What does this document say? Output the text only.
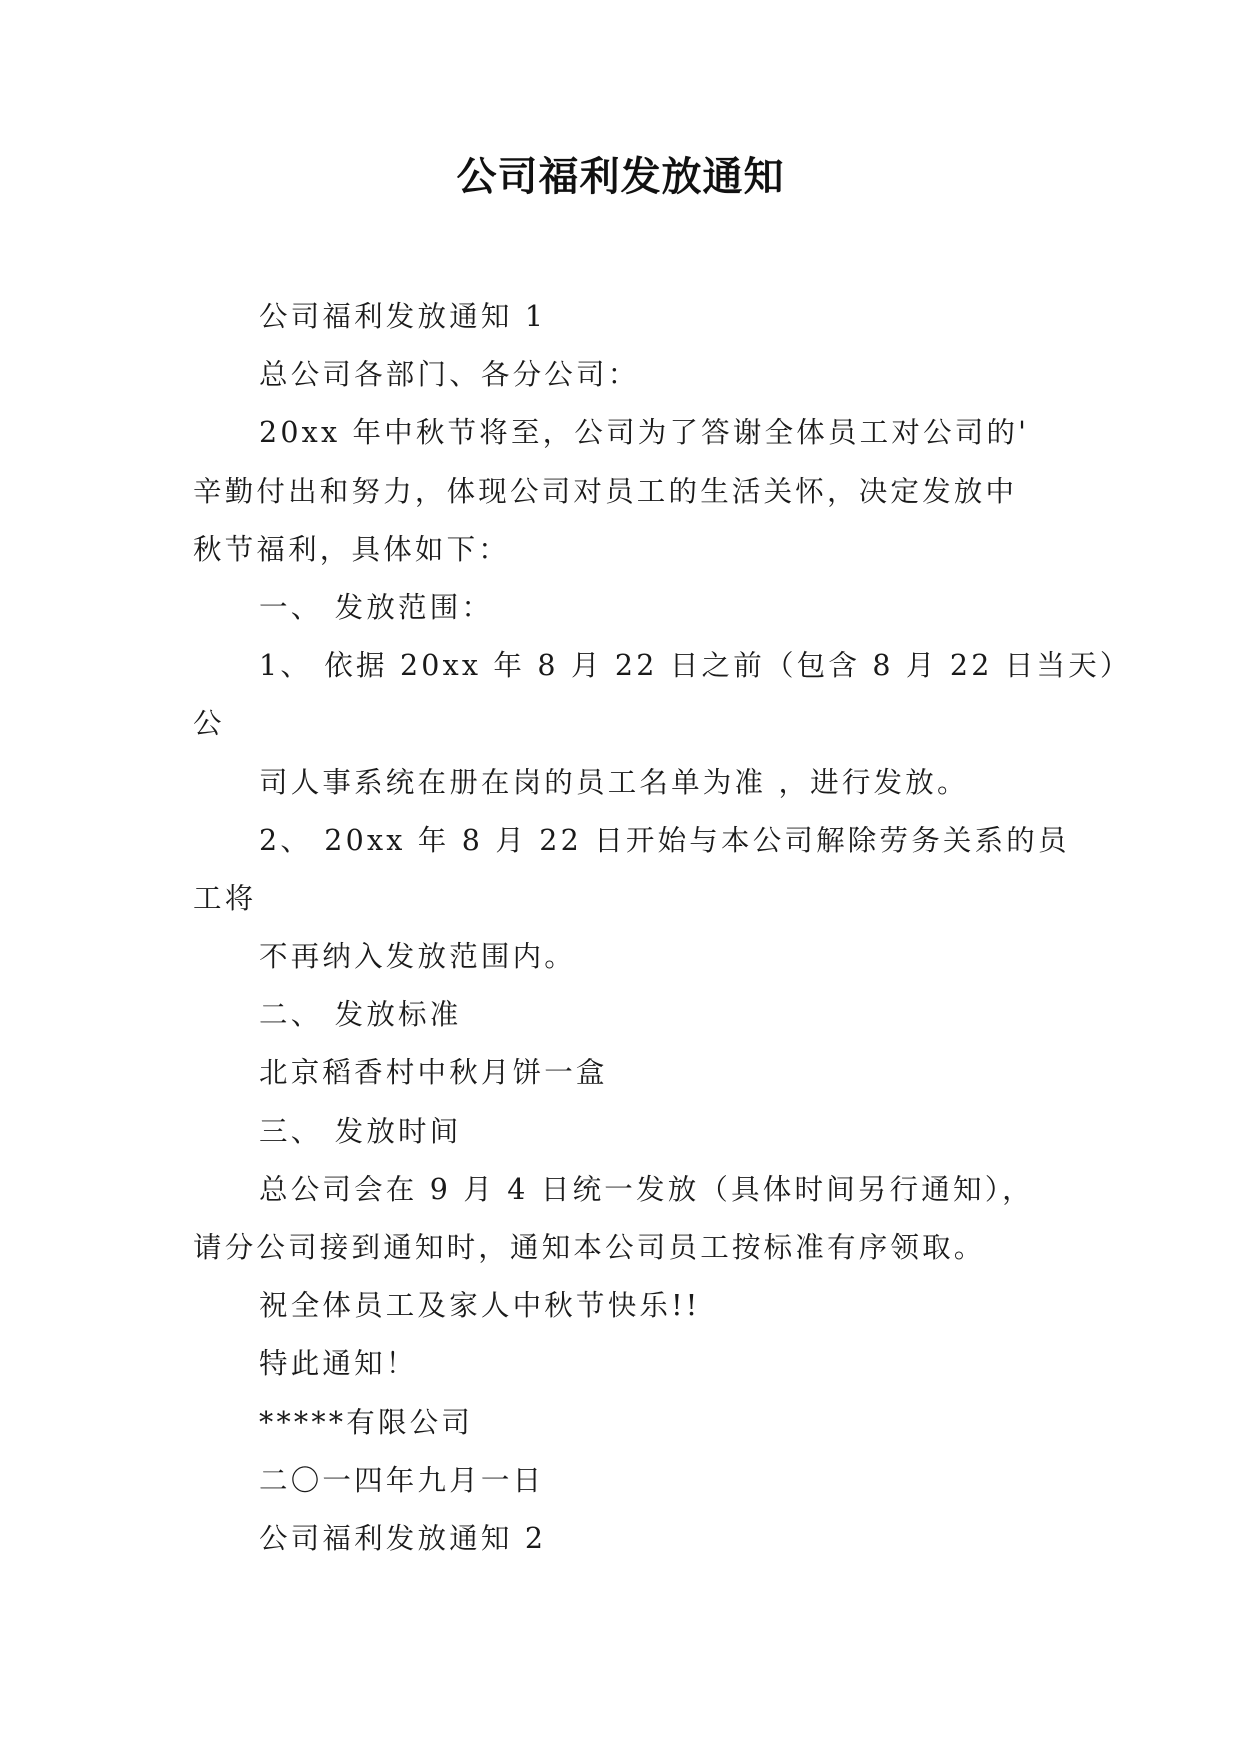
公司福利发放通知
公司福利发放通知 1
总公司各部门、各分公司：
20xx 年中秋节将至，公司为了答谢全体员工对公司的'
辛勤付出和努力，体现公司对员工的生活关怀，决定发放中
秋节福利，具体如下：
一、 发放范围：
1、 依据 20xx 年 8 月 22 日之前（包含 8 月 22 日当天）
公
司人事系统在册在岗的员工名单为准 ，进行发放。
2、 20xx 年 8 月 22 日开始与本公司解除劳务关系的员
工将
不再纳入发放范围内。
二、 发放标准
北京稻香村中秋月饼一盒
三、 发放时间
总公司会在 9 月 4 日统一发放（具体时间另行通知），
请分公司接到通知时，通知本公司员工按标准有序领取。
祝全体员工及家人中秋节快乐!!
特此通知！
*****有限公司
二〇一四年九月一日
公司福利发放通知 2
